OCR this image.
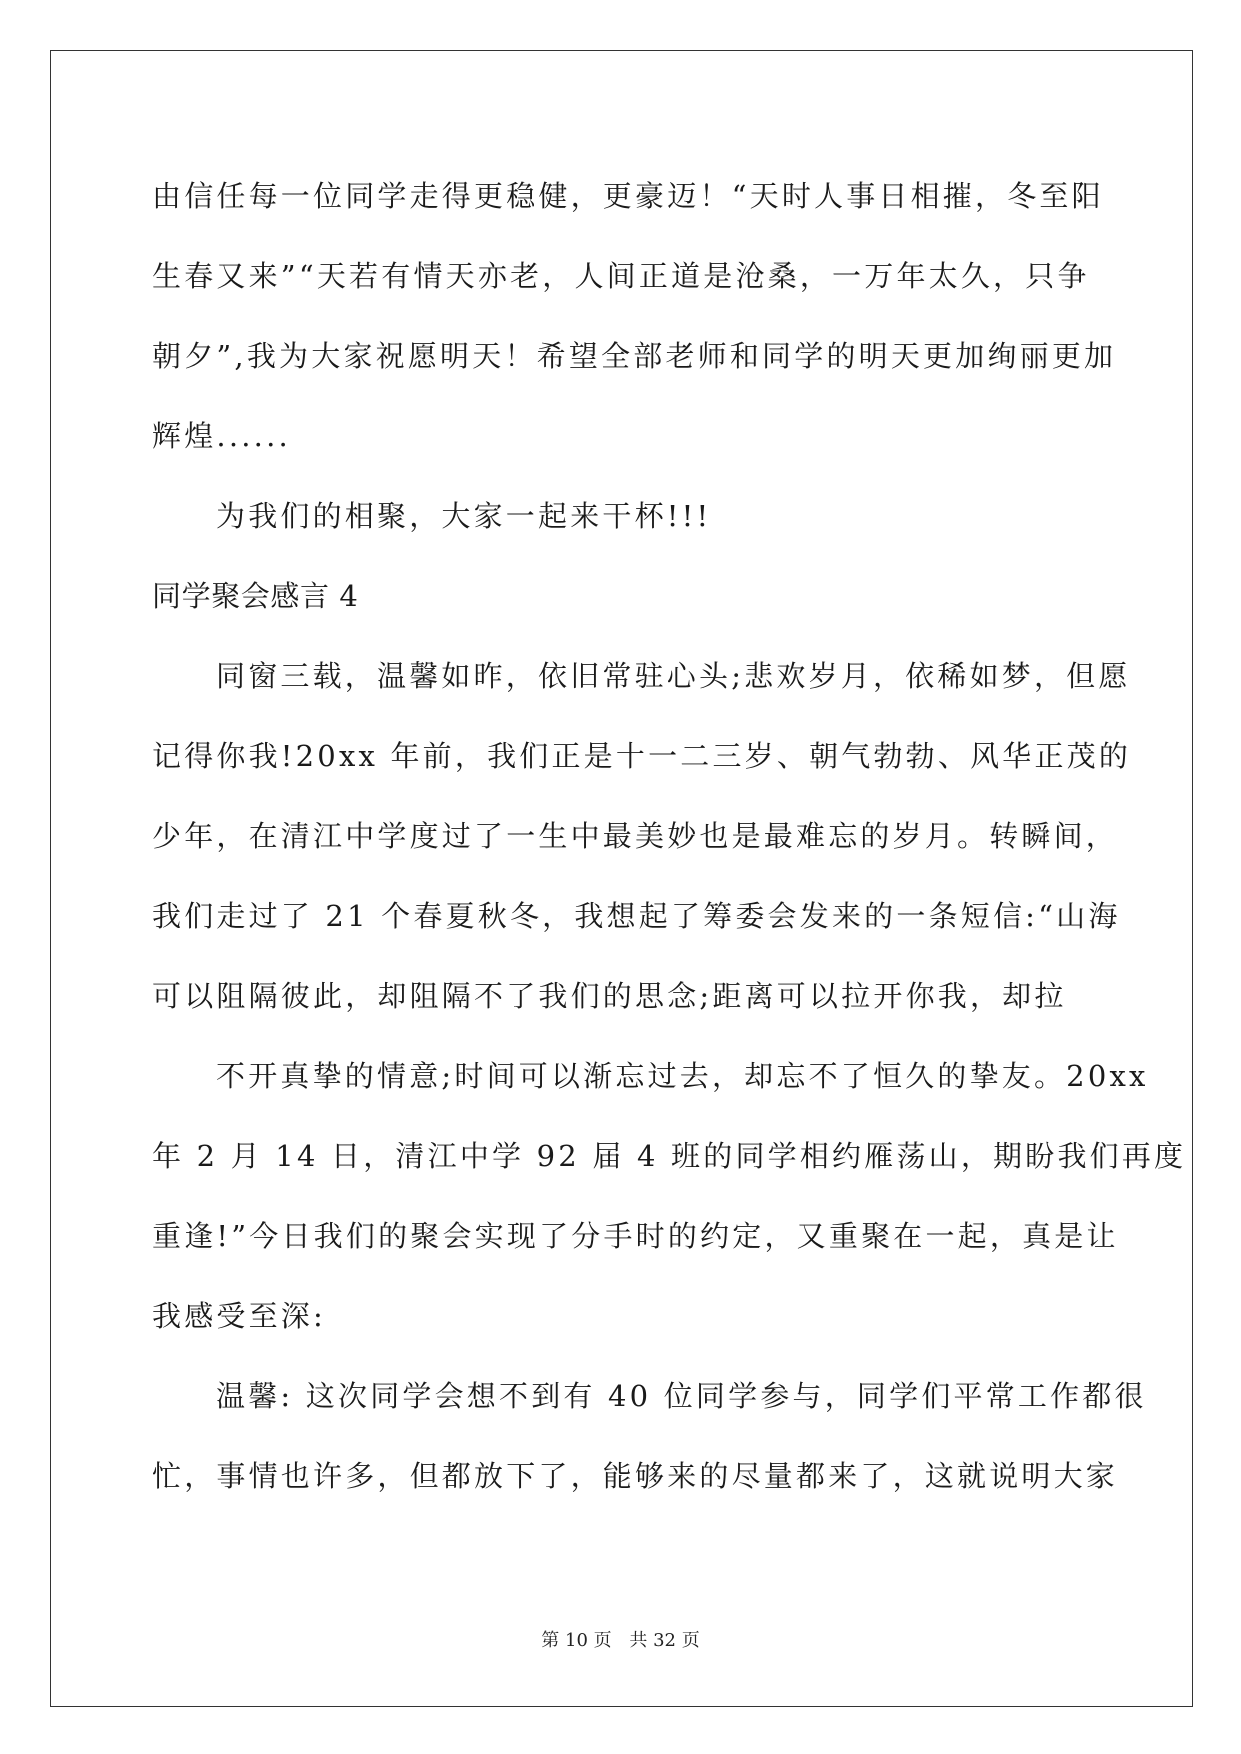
由信任每一位同学走得更稳健，更豪迈！“天时人事日相摧，冬至阳
生春又来”“天若有情天亦老，人间正道是沧桑，一万年太久，只争
朝夕”,我为大家祝愿明天！希望全部老师和同学的明天更加绚丽更加
辉煌......
为我们的相聚，大家一起来干杯!!!
同学聚会感言 4
同窗三载，温馨如昨，依旧常驻心头;悲欢岁月，依稀如梦，但愿
记得你我!20xx 年前，我们正是十一二三岁、朝气勃勃、风华正茂的
少年，在清江中学度过了一生中最美妙也是最难忘的岁月。转瞬间，
我们走过了 21 个春夏秋冬，我想起了筹委会发来的一条短信:“山海
可以阻隔彼此，却阻隔不了我们的思念;距离可以拉开你我，却拉
不开真挚的情意;时间可以渐忘过去，却忘不了恒久的挚友。20xx
年 2 月 14 日，清江中学 92 届 4 班的同学相约雁荡山，期盼我们再度
重逢!”今日我们的聚会实现了分手时的约定，又重聚在一起，真是让
我感受至深:
温馨: 这次同学会想不到有 40 位同学参与，同学们平常工作都很
忙，事情也许多，但都放下了，能够来的尽量都来了，这就说明大家
第 10 页 共 32 页
